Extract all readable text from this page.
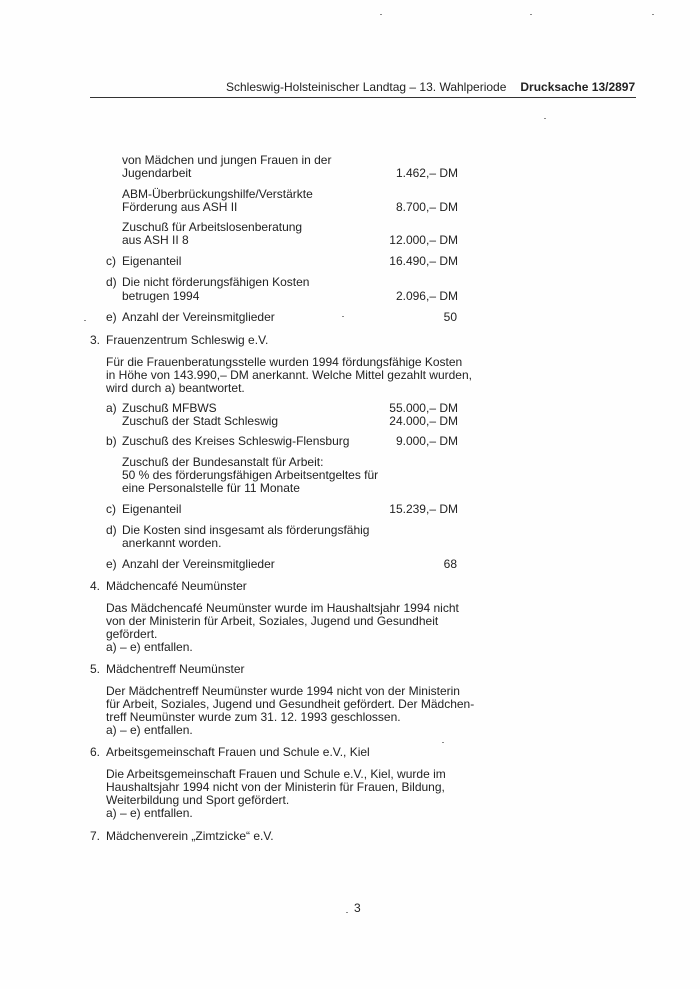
Schleswig-Holsteinischer Landtag – 13. Wahlperiode Drucksache 13/2897
von Mädchen und jungen Frauen in der
Jugendarbeit	1.462,– DM
ABM-Überbrückungshilfe/Verstärkte
Förderung aus ASH II	8.700,– DM
Zuschuß für Arbeitslosenberatung
aus ASH II 8	12.000,– DM
c) Eigenanteil	16.490,– DM
d) Die nicht förderungsfähigen Kosten
betrugen 1994	2.096,– DM
e) Anzahl der Vereinsmitglieder	50
3. Frauenzentrum Schleswig e.V.
Für die Frauenberatungsstelle wurden 1994 fördungsfähige Kosten
in Höhe von 143.990,– DM anerkannt. Welche Mittel gezahlt wurden,
wird durch a) beantwortet.
a) Zuschuß MFBWS	55.000,– DM
Zuschuß der Stadt Schleswig	24.000,– DM
b) Zuschuß des Kreises Schleswig-Flensburg	9.000,– DM
Zuschuß der Bundesanstalt für Arbeit:
50 % des förderungsfähigen Arbeitsentgeltes für
eine Personalstelle für 11 Monate
c) Eigenanteil	15.239,– DM
d) Die Kosten sind insgesamt als förderungsfähig
anerkannt worden.
e) Anzahl der Vereinsmitglieder	68
4. Mädchencafé Neumünster
Das Mädchencafé Neumünster wurde im Haushaltsjahr 1994 nicht
von der Ministerin für Arbeit, Soziales, Jugend und Gesundheit
gefördert.
a) – e) entfallen.
5. Mädchentreff Neumünster
Der Mädchentreff Neumünster wurde 1994 nicht von der Ministerin
für Arbeit, Soziales, Jugend und Gesundheit gefördert. Der Mädchen-
treff Neumünster wurde zum 31. 12. 1993 geschlossen.
a) – e) entfallen.
6. Arbeitsgemeinschaft Frauen und Schule e.V., Kiel
Die Arbeitsgemeinschaft Frauen und Schule e.V., Kiel, wurde im
Haushaltsjahr 1994 nicht von der Ministerin für Frauen, Bildung,
Weiterbildung und Sport gefördert.
a) – e) entfallen.
7. Mädchenverein „Zimtzicke“ e.V.
3
